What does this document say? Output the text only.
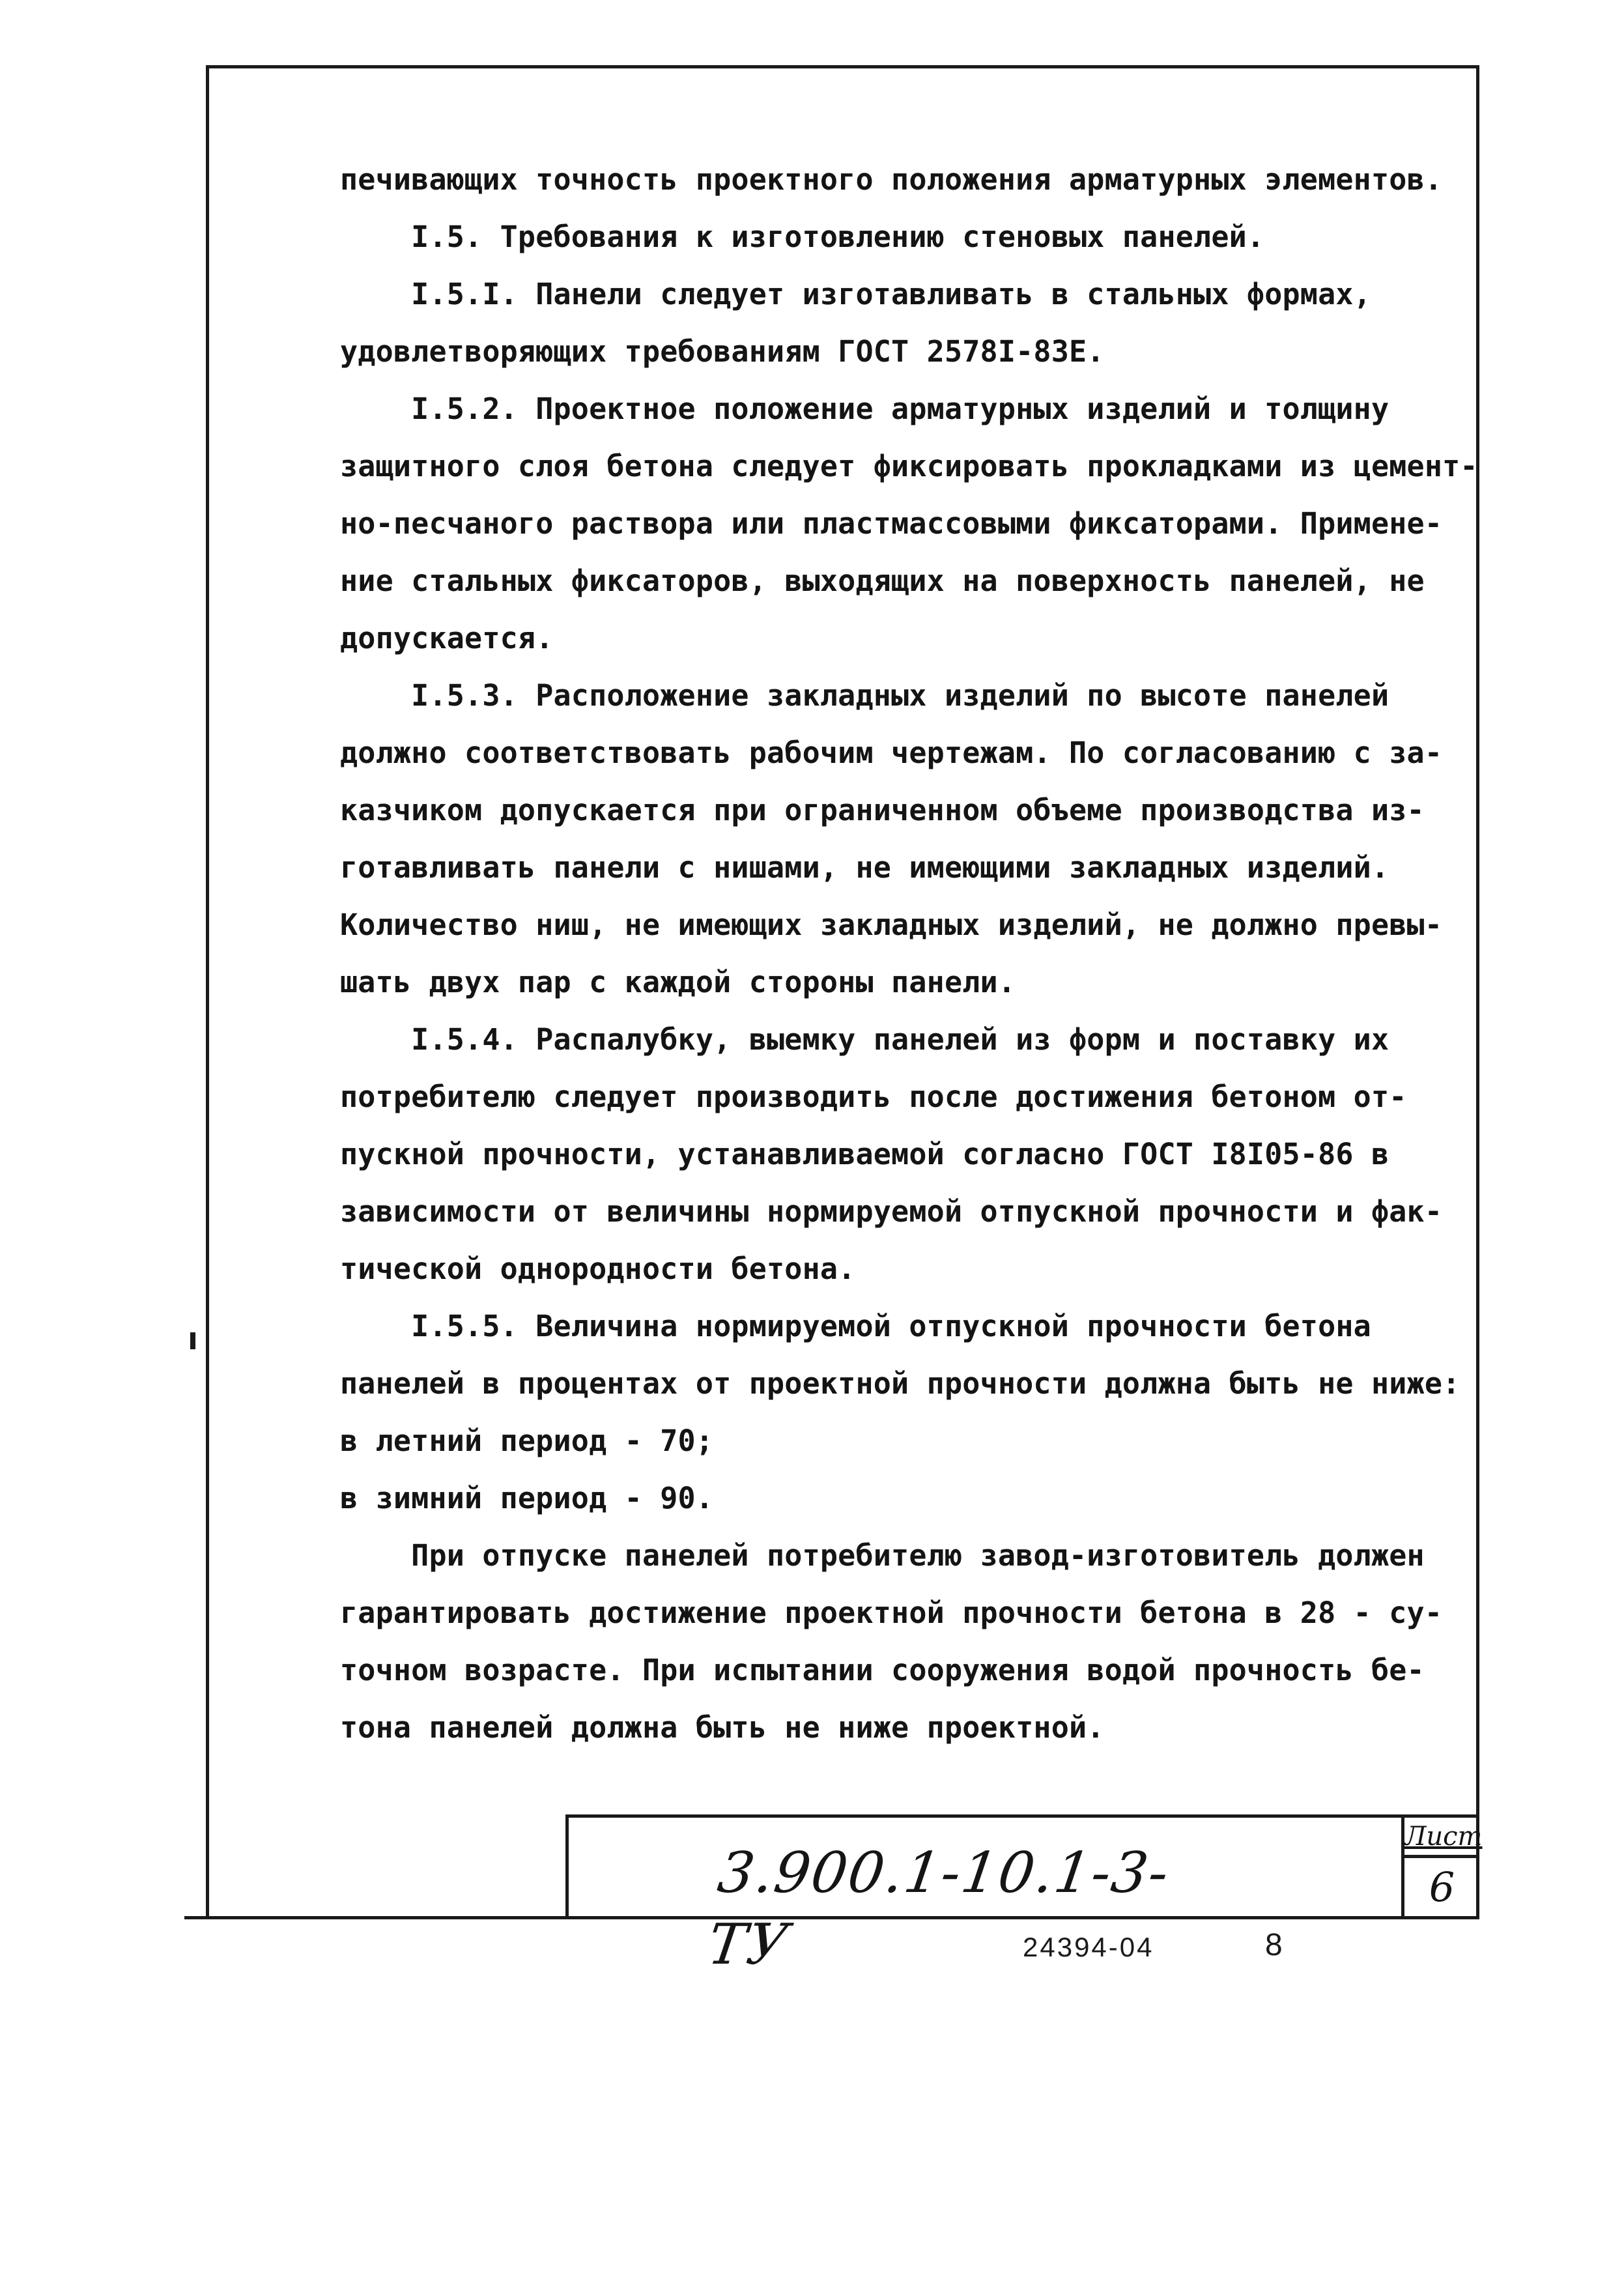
печивающих точность проектного положения арматурных элементов.
I.5. Требования к изготовлению стеновых панелей.
I.5.I. Панели следует изготавливать в стальных формах,
удовлетворяющих требованиям ГОСТ 2578I-83Е.
I.5.2. Проектное положение арматурных изделий и толщину
защитного слоя бетона следует фиксировать прокладками из цемент-
но-песчаного раствора или пластмассовыми фиксаторами. Примене-
ние стальных фиксаторов, выходящих на поверхность панелей, не
допускается.
I.5.3. Расположение закладных изделий по высоте панелей
должно соответствовать рабочим чертежам. По согласованию с за-
казчиком допускается при ограниченном объеме производства из-
готавливать панели с нишами, не имеющими закладных изделий.
Количество ниш, не имеющих закладных изделий, не должно превы-
шать двух пар с каждой стороны панели.
I.5.4. Распалубку, выемку панелей из форм и поставку их
потребителю следует производить после достижения бетоном от-
пускной прочности, устанавливаемой согласно ГОСТ I8I05-86 в
зависимости от величины нормируемой отпускной прочности и фак-
тической однородности бетона.
I.5.5. Величина нормируемой отпускной прочности бетона
панелей в процентах от проектной прочности должна быть не ниже:
в летний период - 70;
в зимний период - 90.
При отпуске панелей потребителю завод-изготовитель должен
гарантировать достижение проектной прочности бетона в 28 - су-
точном возрасте. При испытании сооружения водой прочность бе-
тона панелей должна быть не ниже проектной.
3.900.1-10.1-3-ТУ
Лист
6
24394-04	8
